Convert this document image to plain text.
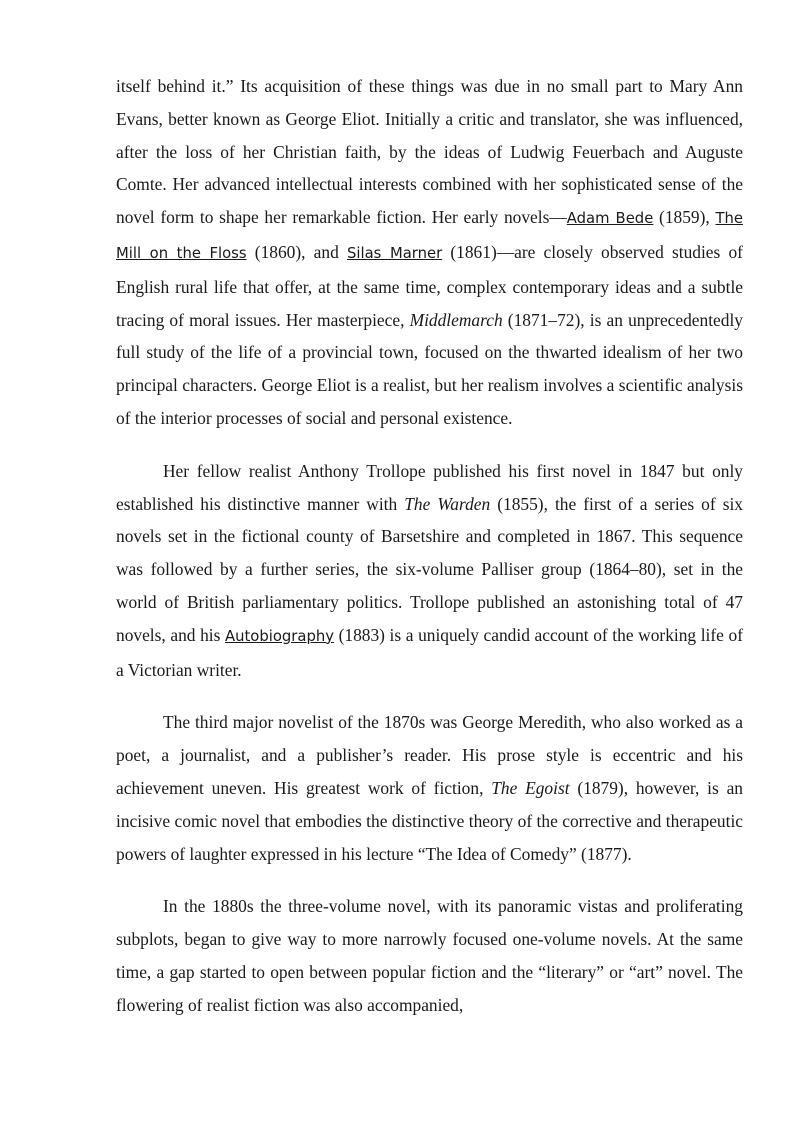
itself behind it.” Its acquisition of these things was due in no small part to Mary Ann Evans, better known as George Eliot. Initially a critic and translator, she was influenced, after the loss of her Christian faith, by the ideas of Ludwig Feuerbach and Auguste Comte. Her advanced intellectual interests combined with her sophisticated sense of the novel form to shape her remarkable fiction. Her early novels—Adam Bede (1859), The Mill on the Floss (1860), and Silas Marner (1861)—are closely observed studies of English rural life that offer, at the same time, complex contemporary ideas and a subtle tracing of moral issues. Her masterpiece, Middlemarch (1871–72), is an unprecedentedly full study of the life of a provincial town, focused on the thwarted idealism of her two principal characters. George Eliot is a realist, but her realism involves a scientific analysis of the interior processes of social and personal existence.

Her fellow realist Anthony Trollope published his first novel in 1847 but only established his distinctive manner with The Warden (1855), the first of a series of six novels set in the fictional county of Barsetshire and completed in 1867. This sequence was followed by a further series, the six-volume Palliser group (1864–80), set in the world of British parliamentary politics. Trollope published an astonishing total of 47 novels, and his Autobiography (1883) is a uniquely candid account of the working life of a Victorian writer.

The third major novelist of the 1870s was George Meredith, who also worked as a poet, a journalist, and a publisher’s reader. His prose style is eccentric and his achievement uneven. His greatest work of fiction, The Egoist (1879), however, is an incisive comic novel that embodies the distinctive theory of the corrective and therapeutic powers of laughter expressed in his lecture “The Idea of Comedy” (1877).

In the 1880s the three-volume novel, with its panoramic vistas and proliferating subplots, began to give way to more narrowly focused one-volume novels. At the same time, a gap started to open between popular fiction and the “literary” or “art” novel. The flowering of realist fiction was also accompanied,
